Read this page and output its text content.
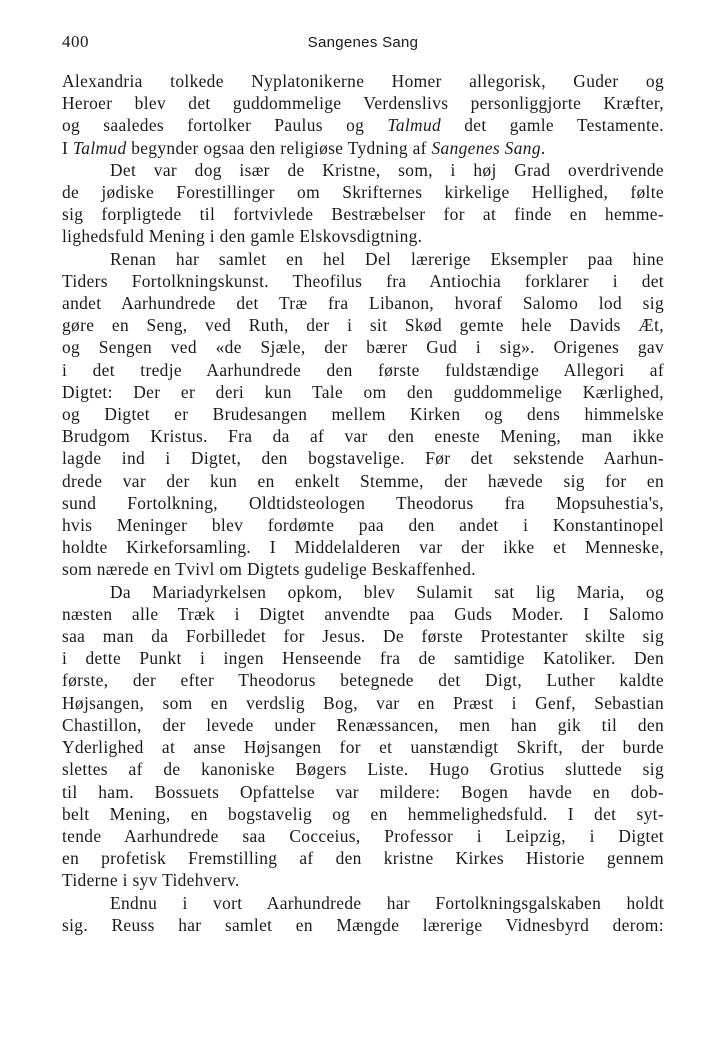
400	Sangenes Sang
Alexandria tolkede Nyplatonikerne Homer allegorisk, Guder og
Heroer blev det guddommelige Verdenslivs personliggjorte Kræfter,
og saaledes fortolker Paulus og Talmud det gamle Testamente.
I Talmud begynder ogsaa den religiøse Tydning af Sangenes Sang.
Det var dog især de Kristne, som, i høj Grad overdrivende
de jødiske Forestillinger om Skrifternes kirkelige Hellighed, følte
sig forpligtede til fortvivlede Bestræbelser for at finde en hemme-
lighedsfuld Mening i den gamle Elskovsdigtning.
Renan har samlet en hel Del lærerige Eksempler paa hine
Tiders Fortolkningskunst. Theofilus fra Antiochia forklarer i det
andet Aarhundrede det Træ fra Libanon, hvoraf Salomo lod sig
gøre en Seng, ved Ruth, der i sit Skød gemte hele Davids Æt,
og Sengen ved «de Sjæle, der bærer Gud i sig». Origenes gav
i det tredje Aarhundrede den første fuldstændige Allegori af
Digtet: Der er deri kun Tale om den guddommelige Kærlighed,
og Digtet er Brudesangen mellem Kirken og dens himmelske
Brudgom Kristus. Fra da af var den eneste Mening, man ikke
lagde ind i Digtet, den bogstavelige. Før det sekstende Aarhun-
drede var der kun en enkelt Stemme, der hævede sig for en
sund Fortolkning, Oldtidsteologen Theodorus fra Mopsuhestia's,
hvis Meninger blev fordømte paa den andet i Konstantinopel
holdte Kirkeforsamling. I Middelalderen var der ikke et Menneske,
som nærede en Tvivl om Digtets gudelige Beskaffenhed.
Da Mariadyrkelsen opkom, blev Sulamit sat lig Maria, og
næsten alle Træk i Digtet anvendte paa Guds Moder. I Salomo
saa man da Forbilledet for Jesus. De første Protestanter skilte sig
i dette Punkt i ingen Henseende fra de samtidige Katoliker. Den
første, der efter Theodorus betegnede det Digt, Luther kaldte
Højsangen, som en verdslig Bog, var en Præst i Genf, Sebastian
Chastillon, der levede under Renæssancen, men han gik til den
Yderlighed at anse Højsangen for et uanstændigt Skrift, der burde
slettes af de kanoniske Bøgers Liste. Hugo Grotius sluttede sig
til ham. Bossuets Opfattelse var mildere: Bogen havde en dob-
belt Mening, en bogstavelig og en hemmelighedsfuld. I det syt-
tende Aarhundrede saa Cocceius, Professor i Leipzig, i Digtet
en profetisk Fremstilling af den kristne Kirkes Historie gennem
Tiderne i syv Tidehverv.
Endnu i vort Aarhundrede har Fortolkningsgalskaben holdt
sig. Reuss har samlet en Mængde lærerige Vidnesbyrd derom:
